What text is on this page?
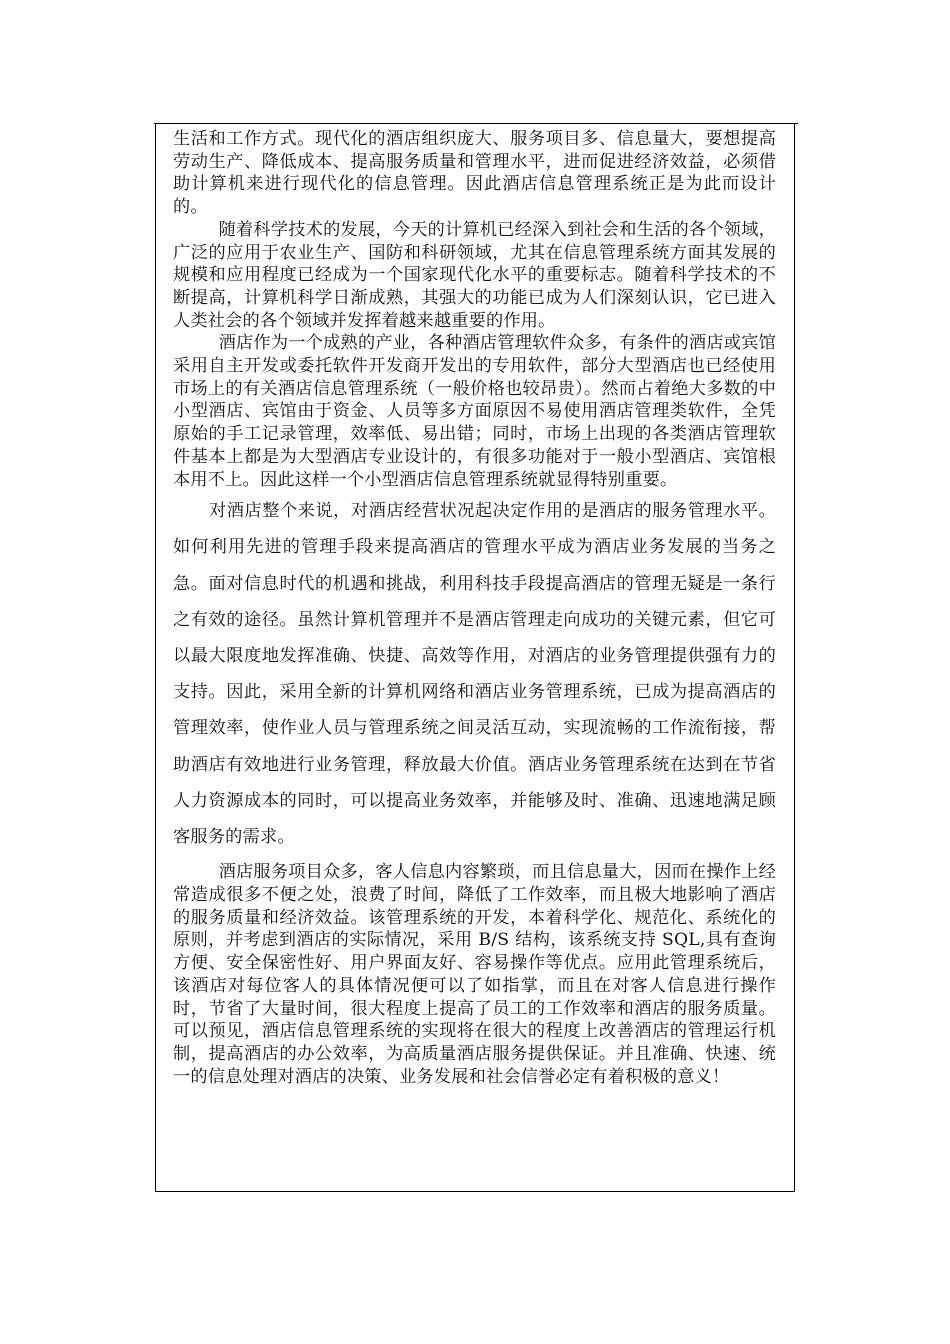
生活和工作方式。现代化的酒店组织庞大、服务项目多、信息量大，要想提高劳动生产、降低成本、提高服务质量和管理水平，进而促进经济效益，必须借助计算机来进行现代化的信息管理。因此酒店信息管理系统正是为此而设计的。

随着科学技术的发展，今天的计算机已经深入到社会和生活的各个领域，广泛的应用于农业生产、国防和科研领域，尤其在信息管理系统方面其发展的规模和应用程度已经成为一个国家现代化水平的重要标志。随着科学技术的不断提高，计算机科学日渐成熟，其强大的功能已成为人们深刻认识，它已进入人类社会的各个领域并发挥着越来越重要的作用。

酒店作为一个成熟的产业，各种酒店管理软件众多，有条件的酒店或宾馆采用自主开发或委托软件开发商开发出的专用软件，部分大型酒店也已经使用市场上的有关酒店信息管理系统（一般价格也较昂贵）。然而占着绝大多数的中小型酒店、宾馆由于资金、人员等多方面原因不易使用酒店管理类软件，全凭原始的手工记录管理，效率低、易出错；同时，市场上出现的各类酒店管理软件基本上都是为大型酒店专业设计的，有很多功能对于一般小型酒店、宾馆根本用不上。因此这样一个小型酒店信息管理系统就显得特别重要。

对酒店整个来说，对酒店经营状况起决定作用的是酒店的服务管理水平。如何利用先进的管理手段来提高酒店的管理水平成为酒店业务发展的当务之急。面对信息时代的机遇和挑战，利用科技手段提高酒店的管理无疑是一条行之有效的途径。虽然计算机管理并不是酒店管理走向成功的关键元素，但它可以最大限度地发挥准确、快捷、高效等作用，对酒店的业务管理提供强有力的支持。因此，采用全新的计算机网络和酒店业务管理系统，已成为提高酒店的管理效率，使作业人员与管理系统之间灵活互动，实现流畅的工作流衔接，帮助酒店有效地进行业务管理，释放最大价值。酒店业务管理系统在达到在节省人力资源成本的同时，可以提高业务效率，并能够及时、准确、迅速地满足顾客服务的需求。

酒店服务项目众多，客人信息内容繁琐，而且信息量大，因而在操作上经常造成很多不便之处，浪费了时间，降低了工作效率，而且极大地影响了酒店的服务质量和经济效益。该管理系统的开发，本着科学化、规范化、系统化的原则，并考虑到酒店的实际情况，采用 B/S 结构，该系统支持 SQL,具有查询方便、安全保密性好、用户界面友好、容易操作等优点。应用此管理系统后，该酒店对每位客人的具体情况便可以了如指掌，而且在对客人信息进行操作时，节省了大量时间，很大程度上提高了员工的工作效率和酒店的服务质量。可以预见，酒店信息管理系统的实现将在很大的程度上改善酒店的管理运行机制，提高酒店的办公效率，为高质量酒店服务提供保证。并且准确、快速、统一的信息处理对酒店的决策、业务发展和社会信誉必定有着积极的意义！
